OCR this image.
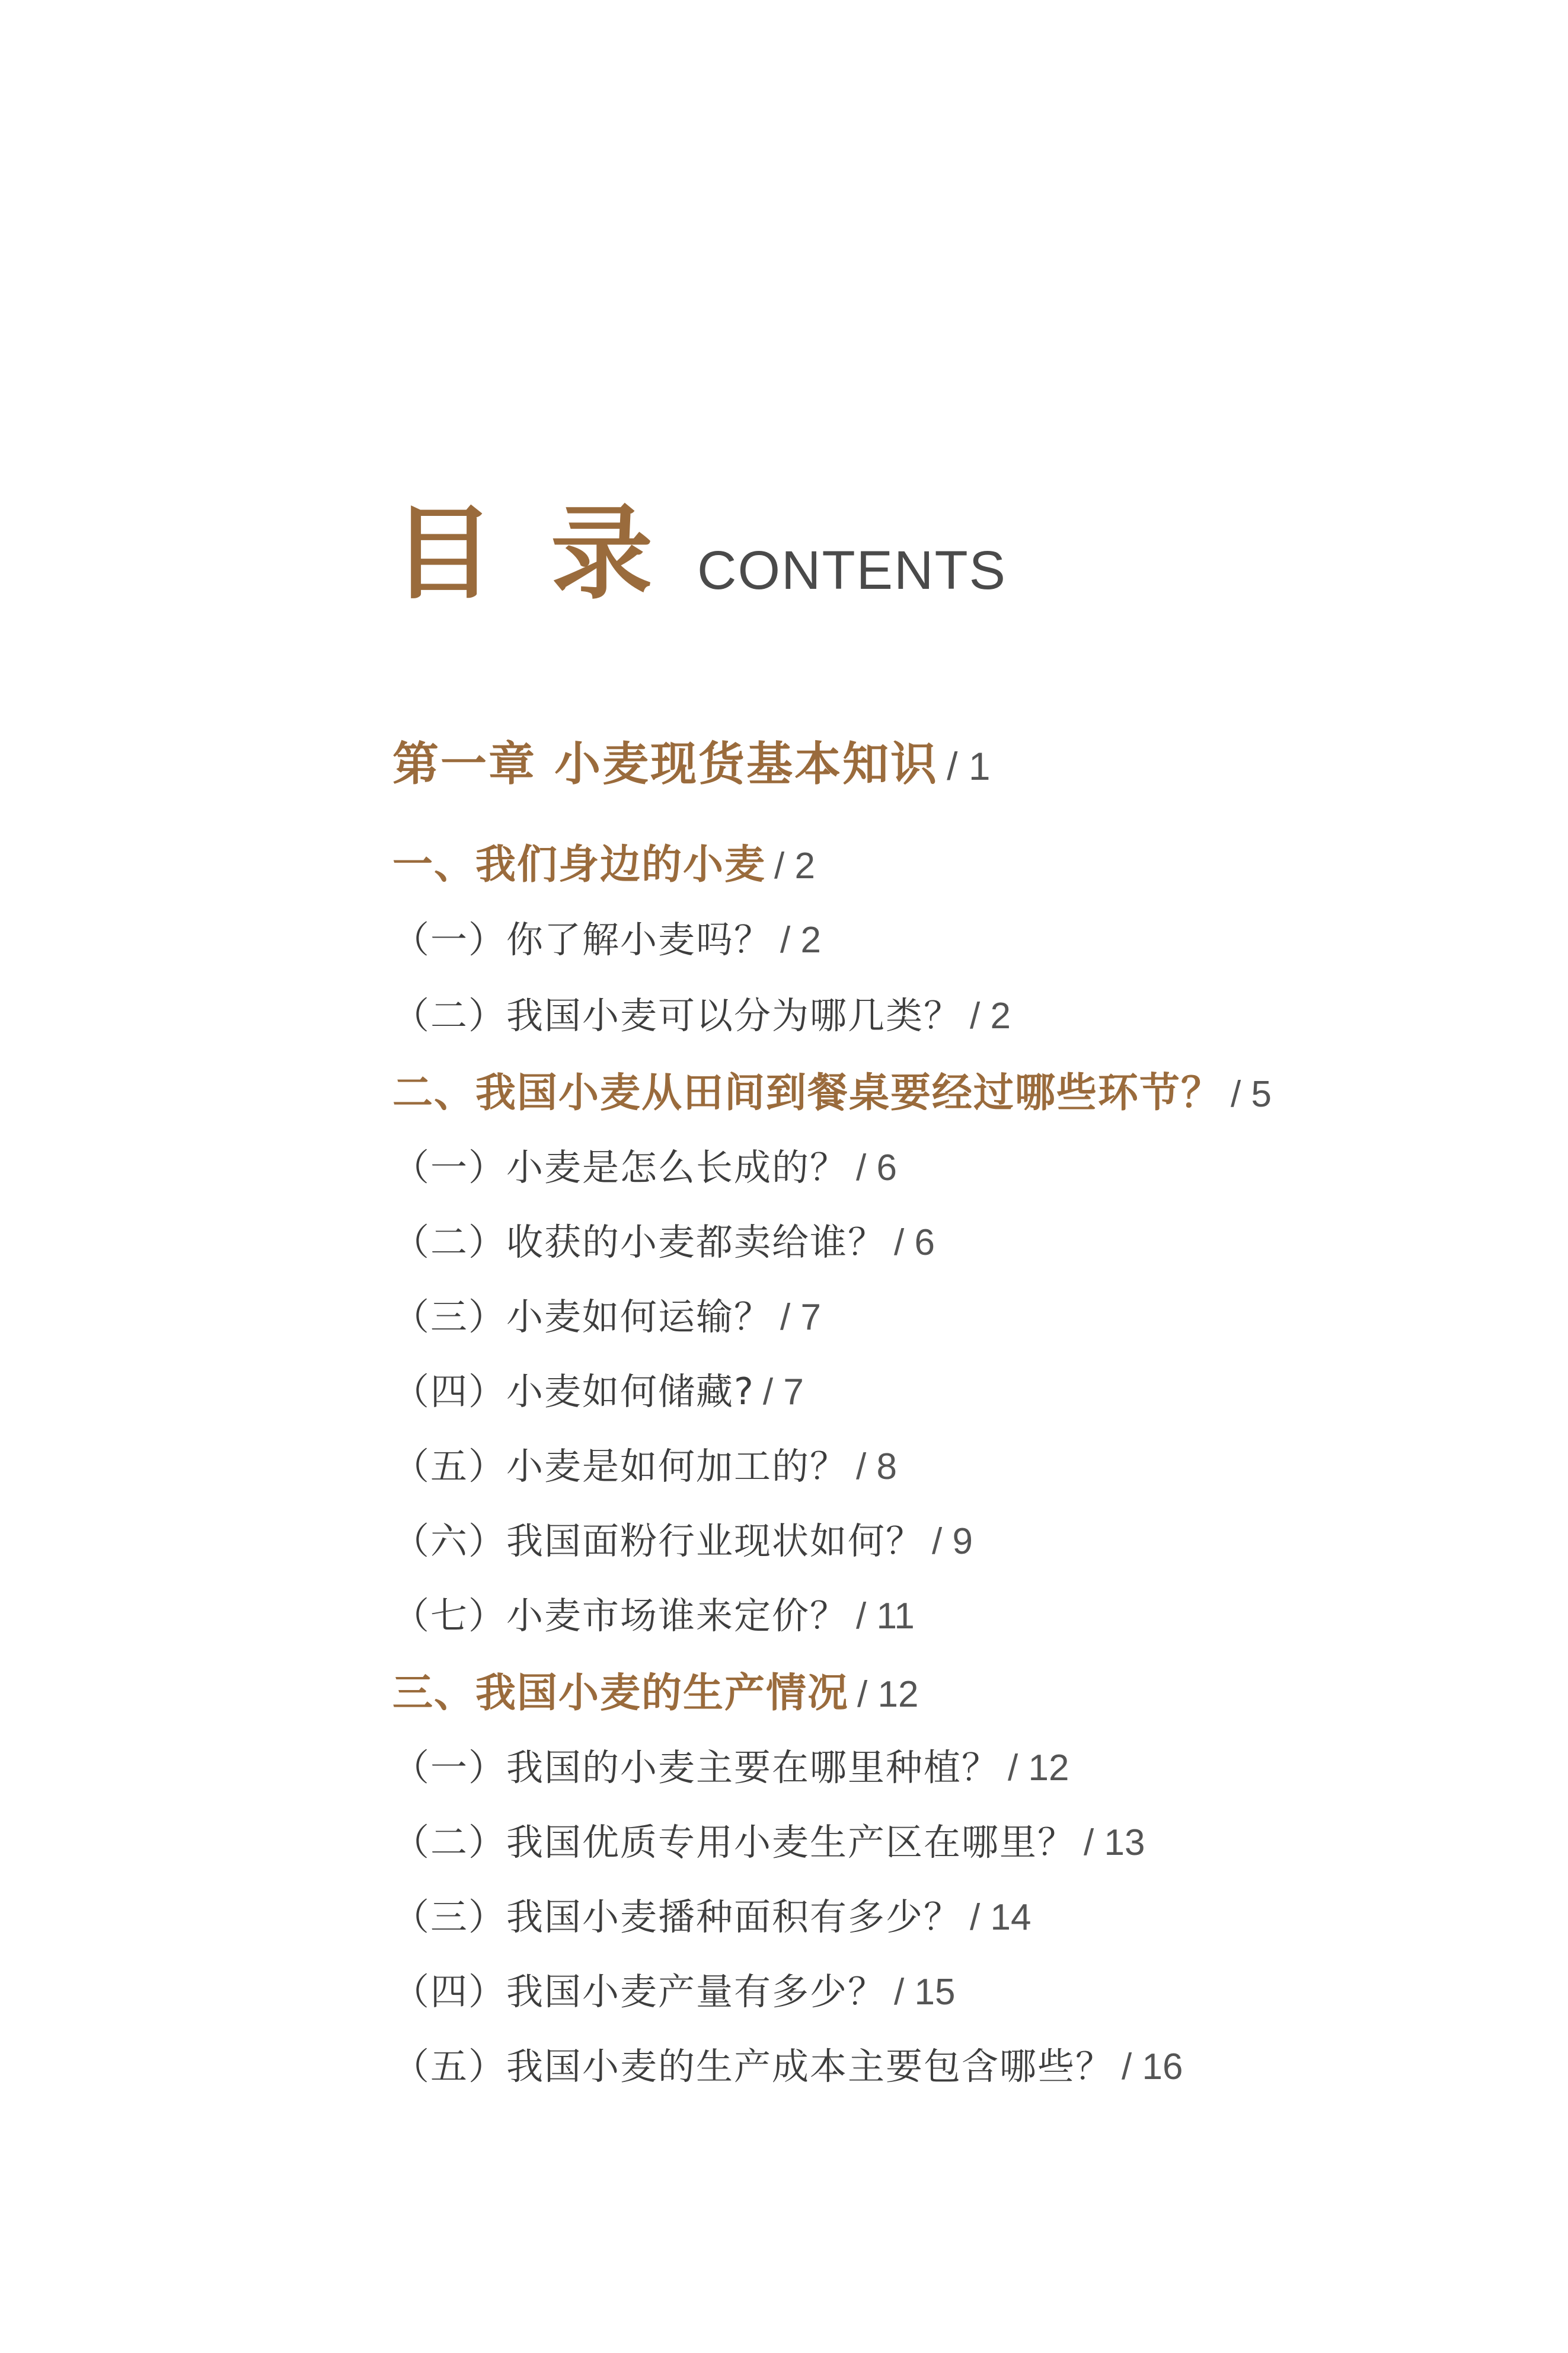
目录
CONTENTS
第一章 小麦现货基本知识 / 1
一、我们身边的小麦 / 2
（一）你了解小麦吗？ / 2
（二）我国小麦可以分为哪几类？ / 2
二、我国小麦从田间到餐桌要经过哪些环节？ / 5
（一）小麦是怎么长成的？ / 6
（二）收获的小麦都卖给谁？ / 6
（三）小麦如何运输？ / 7
（四）小麦如何储藏? / 7
（五）小麦是如何加工的？ / 8
（六）我国面粉行业现状如何？ / 9
（七）小麦市场谁来定价？ / 11
三、我国小麦的生产情况 / 12
（一）我国的小麦主要在哪里种植？ / 12
（二）我国优质专用小麦生产区在哪里？ / 13
（三）我国小麦播种面积有多少？ / 14
（四）我国小麦产量有多少？ / 15
（五）我国小麦的生产成本主要包含哪些？ / 16
